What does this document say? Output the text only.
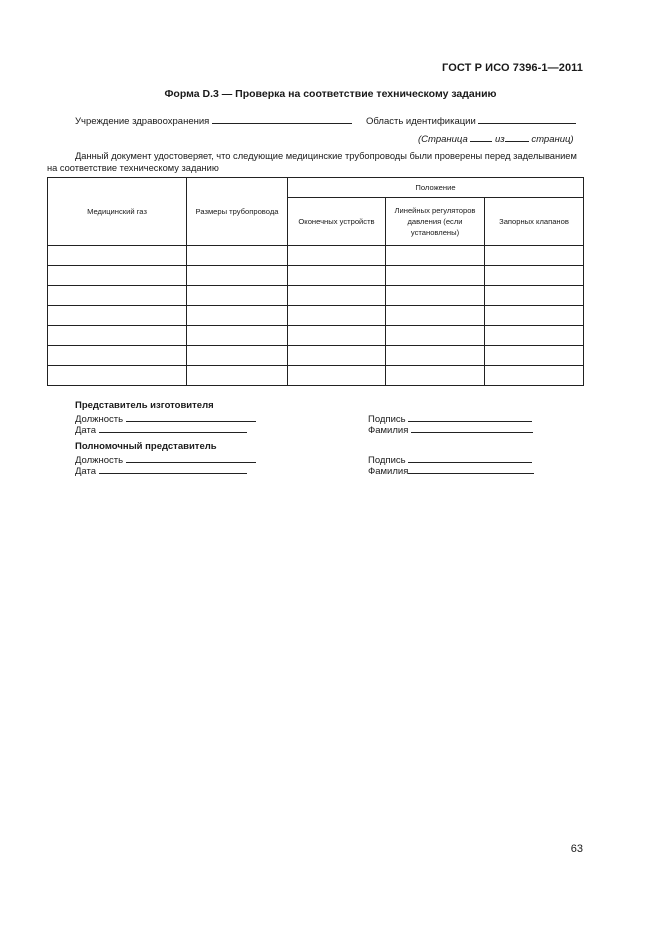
ГОСТ Р ИСО 7396-1—2011
Форма D.3 — Проверка на соответствие техническому заданию
Учреждение здравоохранения	Область идентификации
(Страница	из	страниц)
Данный документ удостоверяет, что следующие медицинские трубопроводы были проверены перед заделыванием на соответствие техническому заданию
Медицинский газ	Размеры трубопровода	Положение		
		Оконечных устройств	Линейных регуляторов давления (если установлены)	Запорных клапанов

Представитель изготовителя
Должность
Дата
Подпись
Фамилия
Полномочный представитель
Должность
Дата
Подпись
Фамилия
63
